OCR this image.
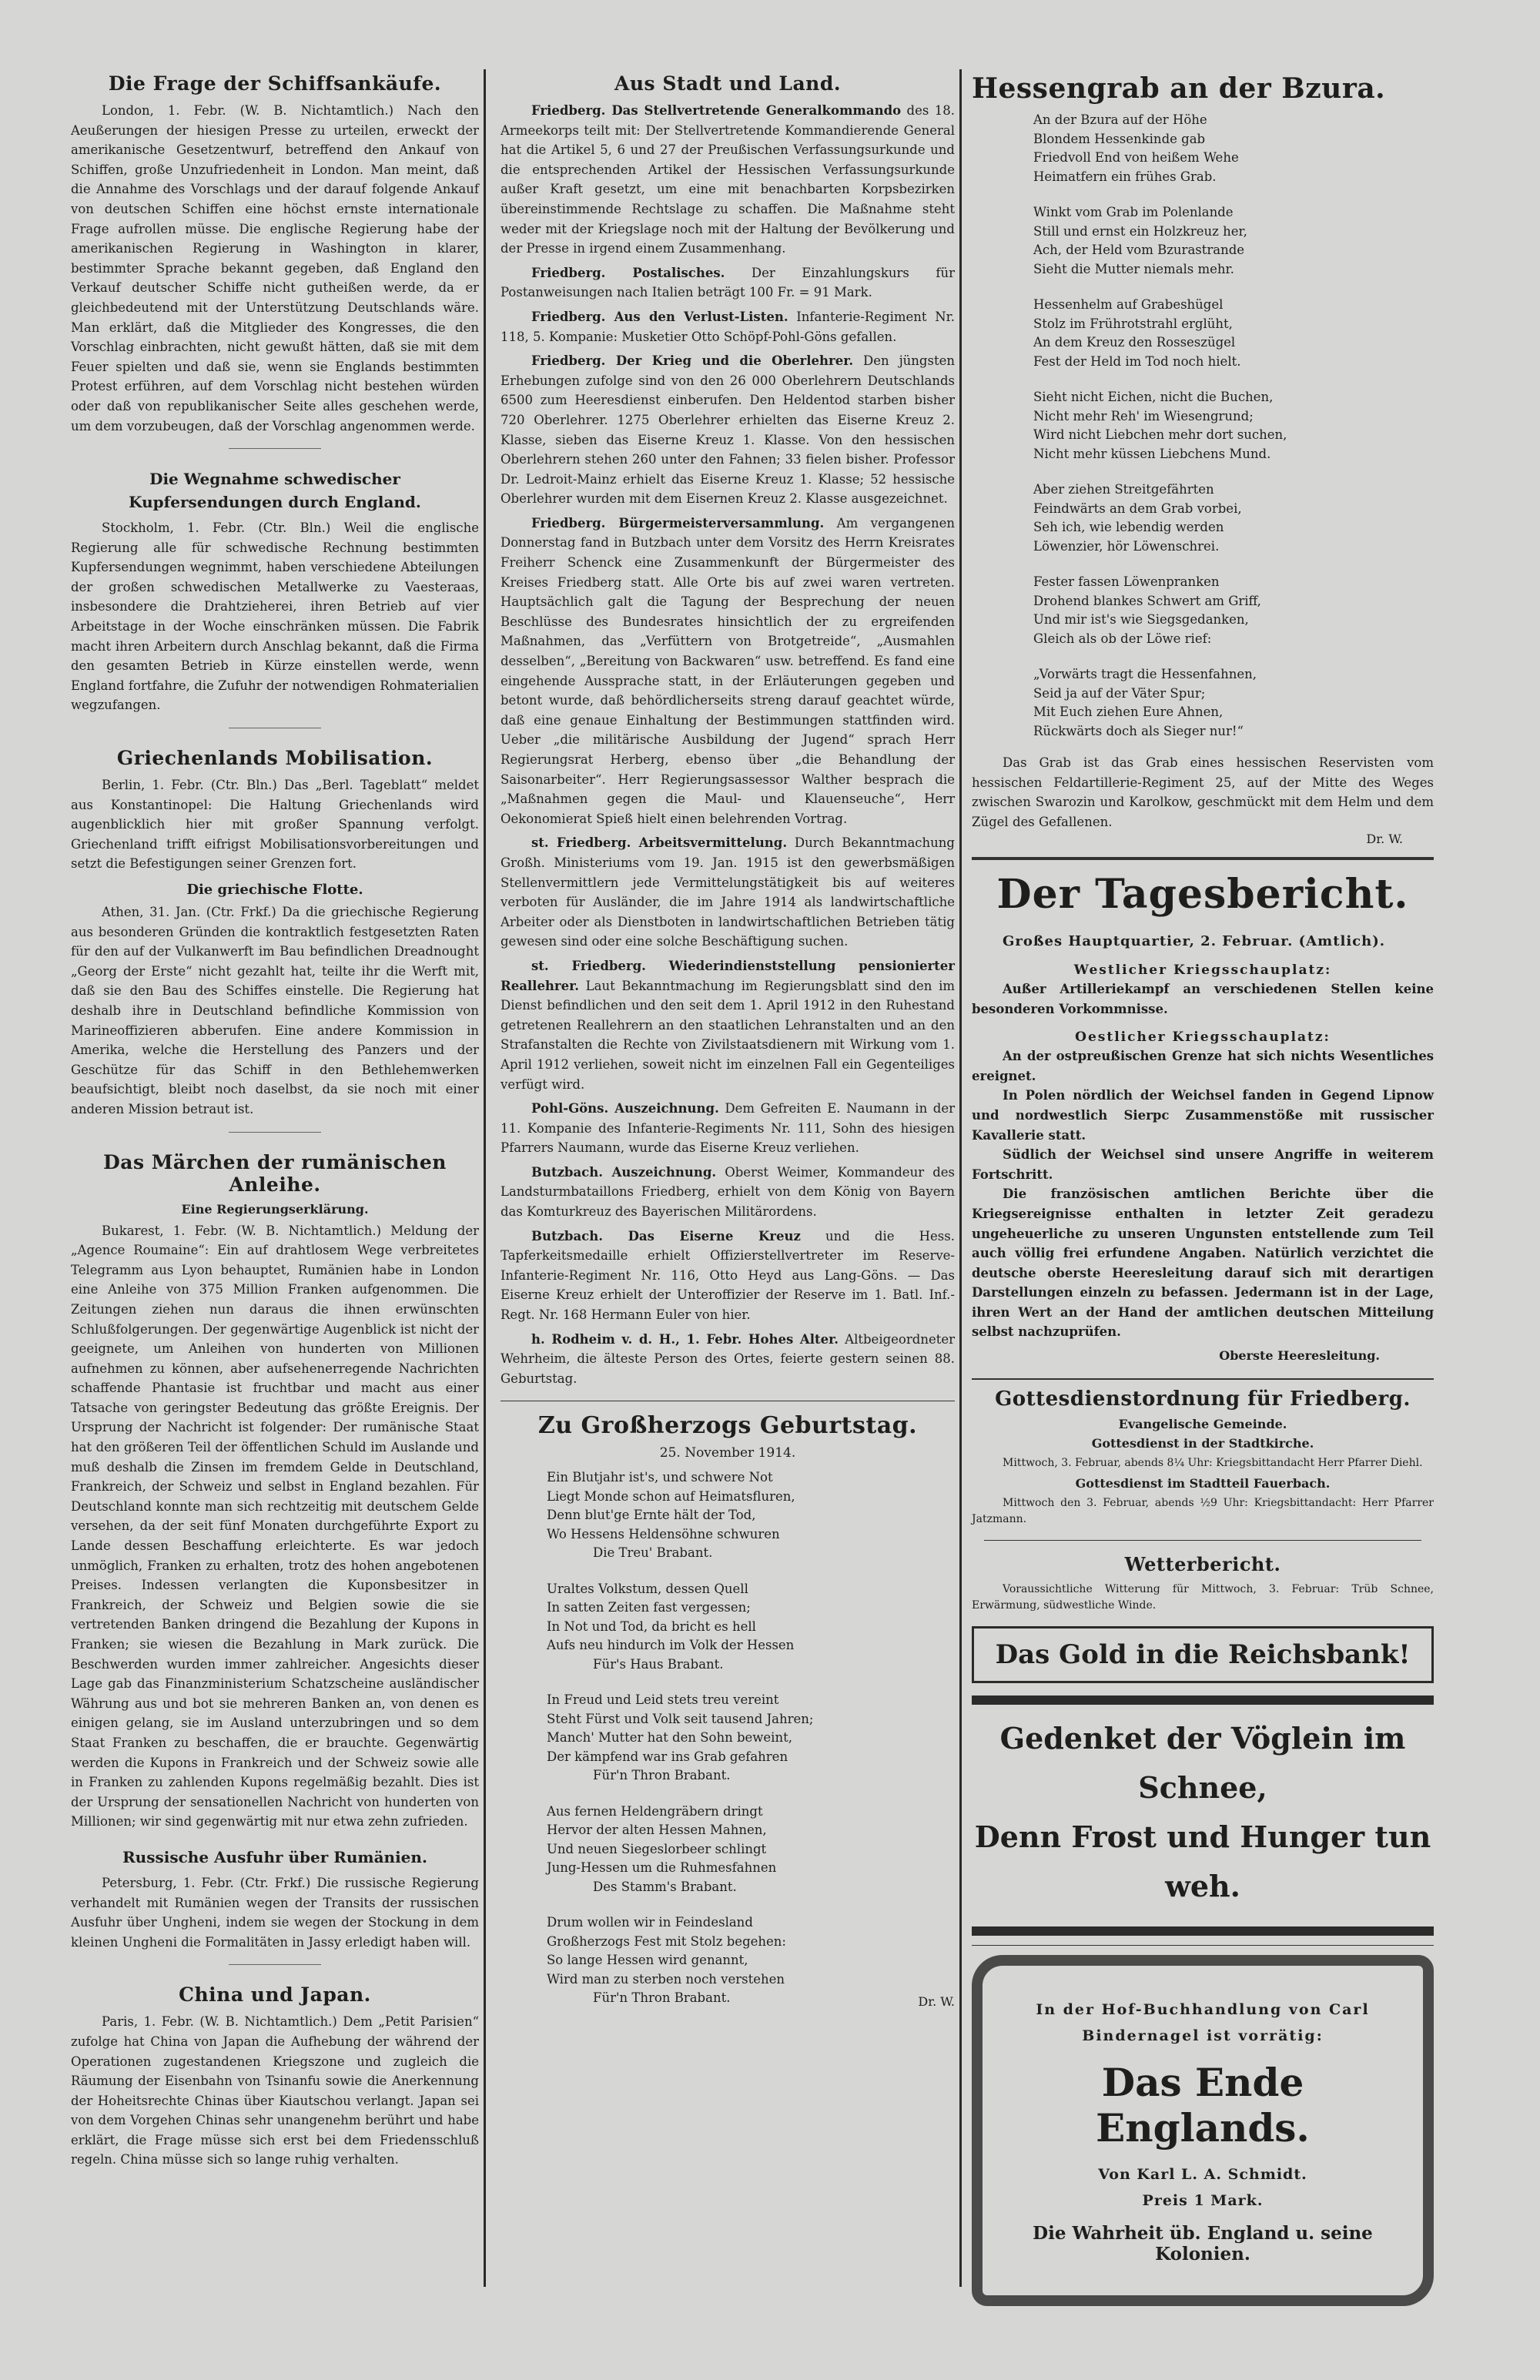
Die Frage der Schiffsankäufe.

London, 1. Febr. (W. B. Nichtamtlich.) Nach den Aeußerungen der hiesigen Presse zu urteilen, erweckt der amerikanische Gesetzentwurf, betreffend den Ankauf von Schiffen, große Unzufriedenheit in London. Man meint, daß die Annahme des Vorschlags und der darauf folgende Ankauf von deutschen Schiffen eine höchst ernste internationale Frage aufrollen müsse. Die englische Regierung habe der amerikanischen Regierung in Washington in klarer, bestimmter Sprache bekannt gegeben, daß England den Verkauf deutscher Schiffe nicht gutheißen werde, da er gleichbedeutend mit der Unterstützung Deutschlands wäre. Man erklärt, daß die Mitglieder des Kongresses, die den Vorschlag einbrachten, nicht gewußt hätten, daß sie mit dem Feuer spielten und daß sie, wenn sie Englands bestimmten Protest erführen, auf dem Vorschlag nicht bestehen würden oder daß von republikanischer Seite alles geschehen werde, um dem vorzubeugen, daß der Vorschlag angenommen werde.

Die Wegnahme schwedischer Kupfersendungen durch England.

Stockholm, 1. Febr. (Ctr. Bln.) Weil die englische Regierung alle für schwedische Rechnung bestimmten Kupfersendungen wegnimmt, haben verschiedene Abteilungen der großen schwedischen Metallwerke zu Vaesteraas, insbesondere die Drahtzieherei, ihren Betrieb auf vier Arbeitstage in der Woche einschränken müssen. Die Fabrik macht ihren Arbeitern durch Anschlag bekannt, daß die Firma den gesamten Betrieb in Kürze einstellen werde, wenn England fortfahre, die Zufuhr der notwendigen Rohmaterialien wegzufangen.

Griechenlands Mobilisation.

Berlin, 1. Febr. (Ctr. Bln.) Das „Berl. Tageblatt“ meldet aus Konstantinopel: Die Haltung Griechenlands wird augenblicklich hier mit großer Spannung verfolgt. Griechenland trifft eifrigst Mobilisationsvorbereitungen und setzt die Befestigungen seiner Grenzen fort.

Die griechische Flotte.

Athen, 31. Jan. (Ctr. Frkf.) Da die griechische Regierung aus besonderen Gründen die kontraktlich festgesetzten Raten für den auf der Vulkanwerft im Bau befindlichen Dreadnought „Georg der Erste“ nicht gezahlt hat, teilte ihr die Werft mit, daß sie den Bau des Schiffes einstelle. Die Regierung hat deshalb ihre in Deutschland befindliche Kommission von Marineoffizieren abberufen. Eine andere Kommission in Amerika, welche die Herstellung des Panzers und der Geschütze für das Schiff in den Bethlehemwerken beaufsichtigt, bleibt noch daselbst, da sie noch mit einer anderen Mission betraut ist.

Das Märchen der rumänischen Anleihe.
Eine Regierungserklärung.

Bukarest, 1. Febr. (W. B. Nichtamtlich.) Meldung der „Agence Roumaine“: Ein auf drahtlosem Wege verbreitetes Telegramm aus Lyon behauptet, Rumänien habe in London eine Anleihe von 375 Million Franken aufgenommen. Die Zeitungen ziehen nun daraus die ihnen erwünschten Schlußfolgerungen. Der gegenwärtige Augenblick ist nicht der geeignete, um Anleihen von hunderten von Millionen aufnehmen zu können, aber aufsehenerregende Nachrichten schaffende Phantasie ist fruchtbar und macht aus einer Tatsache von geringster Bedeutung das größte Ereignis. Der Ursprung der Nachricht ist folgender: Der rumänische Staat hat den größeren Teil der öffentlichen Schuld im Auslande und muß deshalb die Zinsen im fremdem Gelde in Deutschland, Frankreich, der Schweiz und selbst in England bezahlen. Für Deutschland konnte man sich rechtzeitig mit deutschem Gelde versehen, da der seit fünf Monaten durchgeführte Export zu Lande dessen Beschaffung erleichterte. Es war jedoch unmöglich, Franken zu erhalten, trotz des hohen angebotenen Preises. Indessen verlangten die Kuponsbesitzer in Frankreich, der Schweiz und Belgien sowie die sie vertretenden Banken dringend die Bezahlung der Kupons in Franken; sie wiesen die Bezahlung in Mark zurück. Die Beschwerden wurden immer zahlreicher. Angesichts dieser Lage gab das Finanzministerium Schatzscheine ausländischer Währung aus und bot sie mehreren Banken an, von denen es einigen gelang, sie im Ausland unterzubringen und so dem Staat Franken zu beschaffen, die er brauchte. Gegenwärtig werden die Kupons in Frankreich und der Schweiz sowie alle in Franken zu zahlenden Kupons regelmäßig bezahlt. Dies ist der Ursprung der sensationellen Nachricht von hunderten von Millionen; wir sind gegenwärtig mit nur etwa zehn zufrieden.

Russische Ausfuhr über Rumänien.

Petersburg, 1. Febr. (Ctr. Frkf.) Die russische Regierung verhandelt mit Rumänien wegen der Transits der russischen Ausfuhr über Ungheni, indem sie wegen der Stockung in dem kleinen Ungheni die Formalitäten in Jassy erledigt haben will.

China und Japan.

Paris, 1. Febr. (W. B. Nichtamtlich.) Dem „Petit Parisien“ zufolge hat China von Japan die Aufhebung der während der Operationen zugestandenen Kriegszone und zugleich die Räumung der Eisenbahn von Tsinanfu sowie die Anerkennung der Hoheitsrechte Chinas über Kiautschou verlangt. Japan sei von dem Vorgehen Chinas sehr unangenehm berührt und habe erklärt, die Frage müsse sich erst bei dem Friedensschluß regeln. China müsse sich so lange ruhig verhalten.

Aus Stadt und Land.

Friedberg. Das Stellvertretende Generalkommando des 18. Armeekorps teilt mit: Der Stellvertretende Kommandierende General hat die Artikel 5, 6 und 27 der Preußischen Verfassungsurkunde und die entsprechenden Artikel der Hessischen Verfassungsurkunde außer Kraft gesetzt, um eine mit benachbarten Korpsbezirken übereinstimmende Rechtslage zu schaffen. Die Maßnahme steht weder mit der Kriegslage noch mit der Haltung der Bevölkerung und der Presse in irgend einem Zusammenhang.

Friedberg. Postalisches. Der Einzahlungskurs für Postanweisungen nach Italien beträgt 100 Fr. = 91 Mark.

Friedberg. Aus den Verlust-Listen. Infanterie-Regiment Nr. 118, 5. Kompanie: Musketier Otto Schöpf-Pohl-Göns gefallen.

Friedberg. Der Krieg und die Oberlehrer. Den jüngsten Erhebungen zufolge sind von den 26 000 Oberlehrern Deutschlands 6500 zum Heeresdienst einberufen. Den Heldentod starben bisher 720 Oberlehrer. 1275 Oberlehrer erhielten das Eiserne Kreuz 2. Klasse, sieben das Eiserne Kreuz 1. Klasse. Von den hessischen Oberlehrern stehen 260 unter den Fahnen; 33 fielen bisher. Professor Dr. Ledroit-Mainz erhielt das Eiserne Kreuz 1. Klasse; 52 hessische Oberlehrer wurden mit dem Eisernen Kreuz 2. Klasse ausgezeichnet.

Friedberg. Bürgermeisterversammlung. Am vergangenen Donnerstag fand in Butzbach unter dem Vorsitz des Herrn Kreisrates Freiherr Schenck eine Zusammenkunft der Bürgermeister des Kreises Friedberg statt. Alle Orte bis auf zwei waren vertreten. Hauptsächlich galt die Tagung der Besprechung der neuen Beschlüsse des Bundesrates hinsichtlich der zu ergreifenden Maßnahmen, das „Verfüttern von Brotgetreide“, „Ausmahlen desselben“, „Bereitung von Backwaren“ usw. betreffend. Es fand eine eingehende Aussprache statt, in der Erläuterungen gegeben und betont wurde, daß behördlicherseits streng darauf geachtet würde, daß eine genaue Einhaltung der Bestimmungen stattfinden wird. Ueber „die militärische Ausbildung der Jugend“ sprach Herr Regierungsrat Herberg, ebenso über „die Behandlung der Saisonarbeiter“. Herr Regierungsassessor Walther besprach die „Maßnahmen gegen die Maul- und Klauenseuche“, Herr Oekonomierat Spieß hielt einen belehrenden Vortrag.

st. Friedberg. Arbeitsvermittelung. Durch Bekanntmachung Großh. Ministeriums vom 19. Jan. 1915 ist den gewerbsmäßigen Stellenvermittlern jede Vermittelungstätigkeit bis auf weiteres verboten für Ausländer, die im Jahre 1914 als landwirtschaftliche Arbeiter oder als Dienstboten in landwirtschaftlichen Betrieben tätig gewesen sind oder eine solche Beschäftigung suchen.

st. Friedberg. Wiederindienststellung pensionierter Reallehrer. Laut Bekanntmachung im Regierungsblatt sind den im Dienst befindlichen und den seit dem 1. April 1912 in den Ruhestand getretenen Reallehrern an den staatlichen Lehranstalten und an den Strafanstalten die Rechte von Zivilstaatsdienern mit Wirkung vom 1. April 1912 verliehen, soweit nicht im einzelnen Fall ein Gegenteiliges verfügt wird.

Pohl-Göns. Auszeichnung. Dem Gefreiten E. Naumann in der 11. Kompanie des Infanterie-Regiments Nr. 111, Sohn des hiesigen Pfarrers Naumann, wurde das Eiserne Kreuz verliehen.

Butzbach. Auszeichnung. Oberst Weimer, Kommandeur des Landsturmbataillons Friedberg, erhielt von dem König von Bayern das Komturkreuz des Bayerischen Militärordens.

Butzbach. Das Eiserne Kreuz und die Hess. Tapferkeitsmedaille erhielt Offizierstellvertreter im Reserve-Infanterie-Regiment Nr. 116, Otto Heyd aus Lang-Göns. — Das Eiserne Kreuz erhielt der Unteroffizier der Reserve im 1. Batl. Inf.-Regt. Nr. 168 Hermann Euler von hier.

h. Rodheim v. d. H., 1. Febr. Hohes Alter. Altbeigeordneter Wehrheim, die älteste Person des Ortes, feierte gestern seinen 88. Geburtstag.

Zu Großherzogs Geburtstag.
25. November 1914.
Ein Blutjahr ist's, und schwere Not
Liegt Monde schon auf Heimatsfluren,
Denn blut'ge Ernte hält der Tod,
Wo Hessens Heldensöhne schwuren
Die Treu' Brabant.
Uraltes Volkstum, dessen Quell
In satten Zeiten fast vergessen;
In Not und Tod, da bricht es hell
Aufs neu hindurch im Volk der Hessen
Für's Haus Brabant.
In Freud und Leid stets treu vereint
Steht Fürst und Volk seit tausend Jahren;
Manch' Mutter hat den Sohn beweint,
Der kämpfend war ins Grab gefahren
Für'n Thron Brabant.
Aus fernen Heldengräbern dringt
Hervor der alten Hessen Mahnen,
Und neuen Siegeslorbeer schlingt
Jung-Hessen um die Ruhmesfahnen
Des Stamm's Brabant.
Drum wollen wir in Feindesland
Großherzogs Fest mit Stolz begehen:
So lange Hessen wird genannt,
Wird man zu sterben noch verstehen
Für'n Thron Brabant.	Dr. W.
Hessengrab an der Bzura.
An der Bzura auf der Höhe
Blondem Hessenkinde gab
Friedvoll End von heißem Wehe
Heimatfern ein frühes Grab.
Winkt vom Grab im Polenlande
Still und ernst ein Holzkreuz her,
Ach, der Held vom Bzurastrande
Sieht die Mutter niemals mehr.
Hessenhelm auf Grabeshügel
Stolz im Frührotstrahl erglüht,
An dem Kreuz den Rosseszügel
Fest der Held im Tod noch hielt.
Sieht nicht Eichen, nicht die Buchen,
Nicht mehr Reh' im Wiesengrund;
Wird nicht Liebchen mehr dort suchen,
Nicht mehr küssen Liebchens Mund.
Aber ziehen Streitgefährten
Feindwärts an dem Grab vorbei,
Seh ich, wie lebendig werden
Löwenzier, hör Löwenschrei.
Fester fassen Löwenpranken
Drohend blankes Schwert am Griff,
Und mir ist's wie Siegsgedanken,
Gleich als ob der Löwe rief:
„Vorwärts tragt die Hessenfahnen,
Seid ja auf der Väter Spur;
Mit Euch ziehen Eure Ahnen,
Rückwärts doch als Sieger nur!“

Das Grab ist das Grab eines hessischen Reservisten vom hessischen Feldartillerie-Regiment 25, auf der Mitte des Weges zwischen Swarozin und Karolkow, geschmückt mit dem Helm und dem Zügel des Gefallenen.

Dr. W.
Der Tagesbericht.

Großes Hauptquartier, 2. Februar. (Amtlich).

Westlicher Kriegsschauplatz:

Außer Artilleriekampf an verschiedenen Stellen keine besonderen Vorkommnisse.

Oestlicher Kriegsschauplatz:

An der ostpreußischen Grenze hat sich nichts Wesentliches ereignet.

In Polen nördlich der Weichsel fanden in Gegend Lipnow und nordwestlich Sierpc Zusammenstöße mit russischer Kavallerie statt.

Südlich der Weichsel sind unsere Angriffe in weiterem Fortschritt.

Die französischen amtlichen Berichte über die Kriegsereignisse enthalten in letzter Zeit geradezu ungeheuerliche zu unseren Ungunsten entstellende zum Teil auch völlig frei erfundene Angaben. Natürlich verzichtet die deutsche oberste Heeresleitung darauf sich mit derartigen Darstellungen einzeln zu befassen. Jedermann ist in der Lage, ihren Wert an der Hand der amtlichen deutschen Mitteilung selbst nachzuprüfen.

Oberste Heeresleitung.
Gottesdienstordnung für Friedberg.
Evangelische Gemeinde.
Gottesdienst in der Stadtkirche.

Mittwoch, 3. Februar, abends 8¼ Uhr: Kriegsbittandacht Herr Pfarrer Diehl.

Gottesdienst im Stadtteil Fauerbach.

Mittwoch den 3. Februar, abends ½9 Uhr: Kriegsbittandacht: Herr Pfarrer Jatzmann.

Wetterbericht.

Voraussichtliche Witterung für Mittwoch, 3. Februar: Trüb Schnee, Erwärmung, südwestliche Winde.

Das Gold in die Reichsbank!
Gedenket der Vöglein im Schnee,
Denn Frost und Hunger tun weh.
In der Hof-Buchhandlung von Carl Bindernagel ist vorrätig:
Das Ende Englands.
Von Karl L. A. Schmidt.
Preis 1 Mark.
Die Wahrheit üb. England u. seine Kolonien.
